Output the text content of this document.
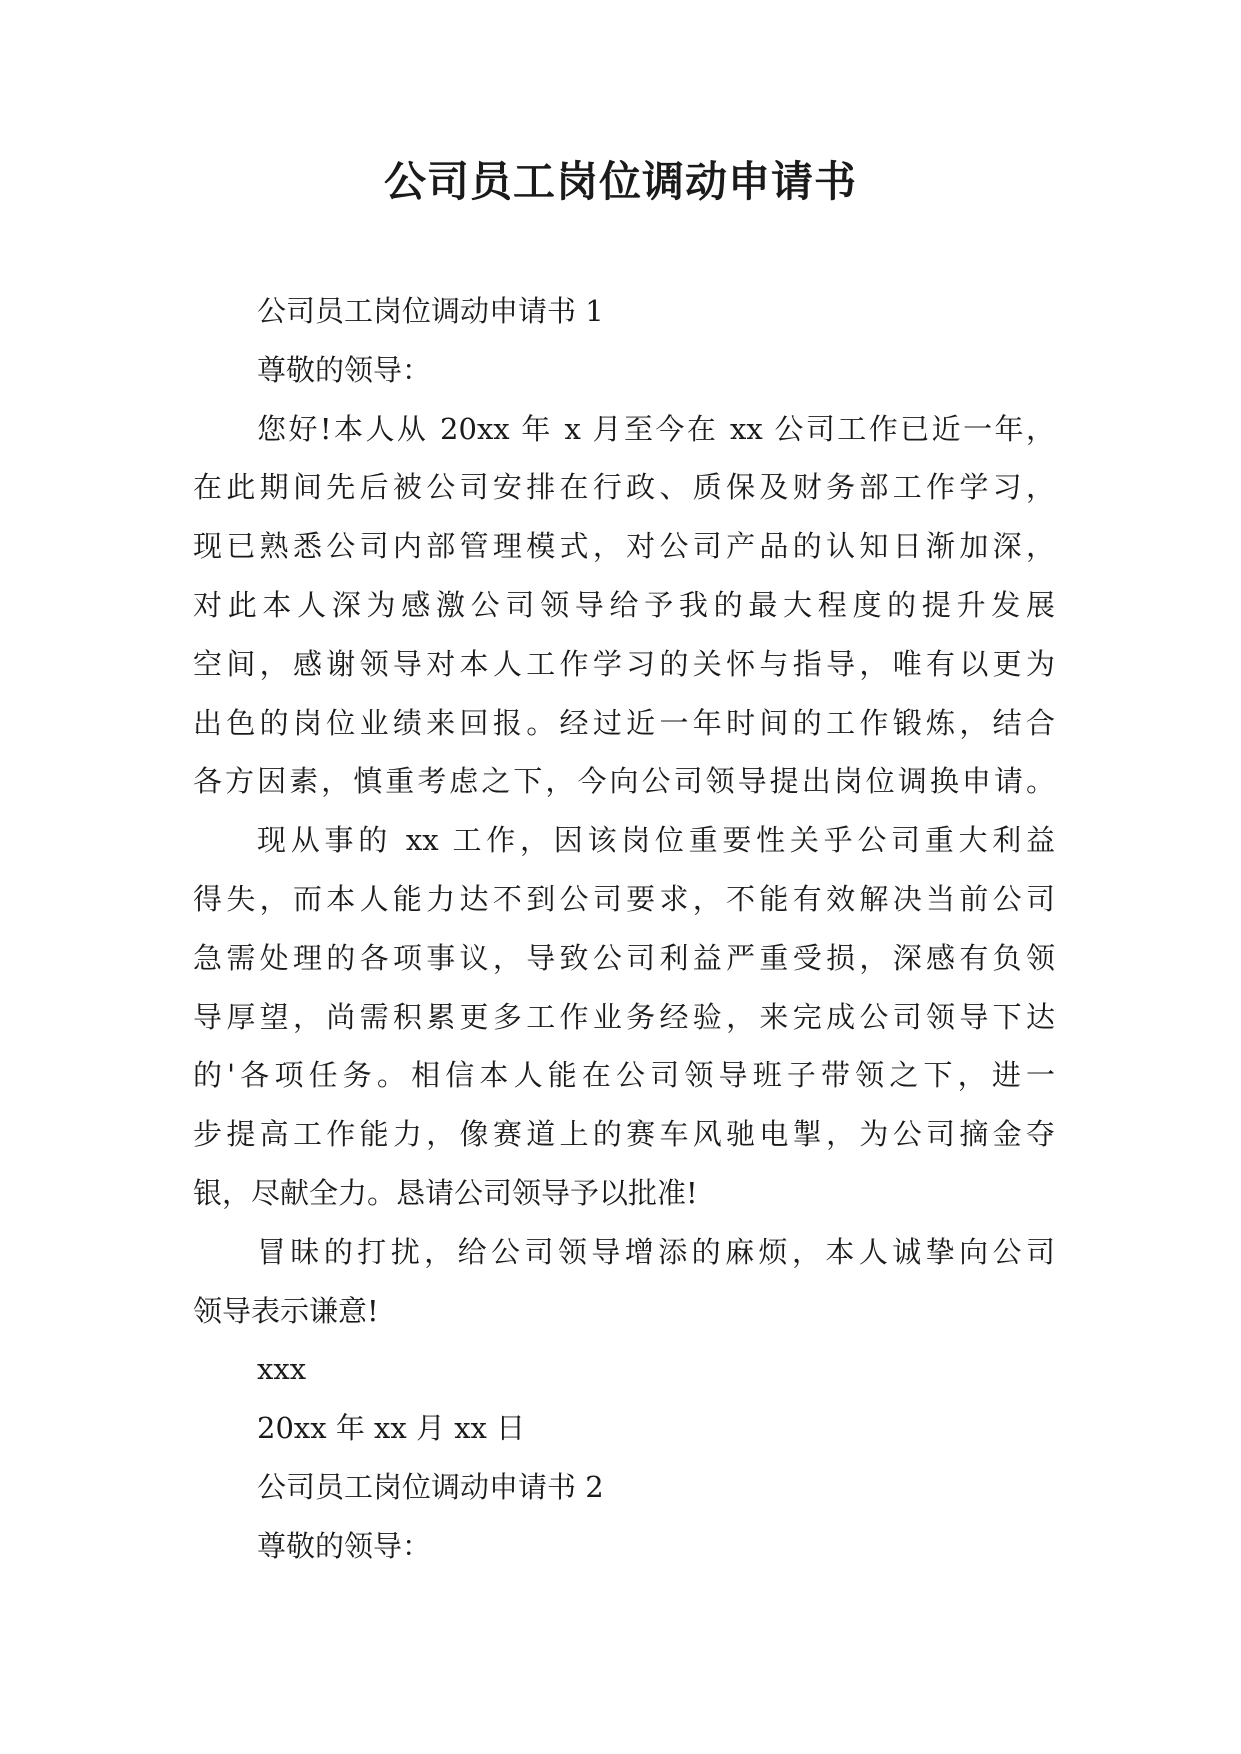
公司员工岗位调动申请书
公司员工岗位调动申请书 1
尊敬的领导：
您好!本人从 20xx 年 x 月至今在 xx 公司工作已近一年，
在此期间先后被公司安排在行政、质保及财务部工作学习，
现已熟悉公司内部管理模式，对公司产品的认知日渐加深，
对此本人深为感激公司领导给予我的最大程度的提升发展
空间，感谢领导对本人工作学习的关怀与指导，唯有以更为
出色的岗位业绩来回报。经过近一年时间的工作锻炼，结合
各方因素，慎重考虑之下，今向公司领导提出岗位调换申请。
现从事的 xx 工作，因该岗位重要性关乎公司重大利益
得失，而本人能力达不到公司要求，不能有效解决当前公司
急需处理的各项事议，导致公司利益严重受损，深感有负领
导厚望，尚需积累更多工作业务经验，来完成公司领导下达
的'各项任务。相信本人能在公司领导班子带领之下，进一
步提高工作能力，像赛道上的赛车风驰电掣，为公司摘金夺
银，尽献全力。恳请公司领导予以批准!
冒昧的打扰，给公司领导增添的麻烦，本人诚挚向公司
领导表示谦意!
xxx
20xx 年 xx 月 xx 日
公司员工岗位调动申请书 2
尊敬的领导：
